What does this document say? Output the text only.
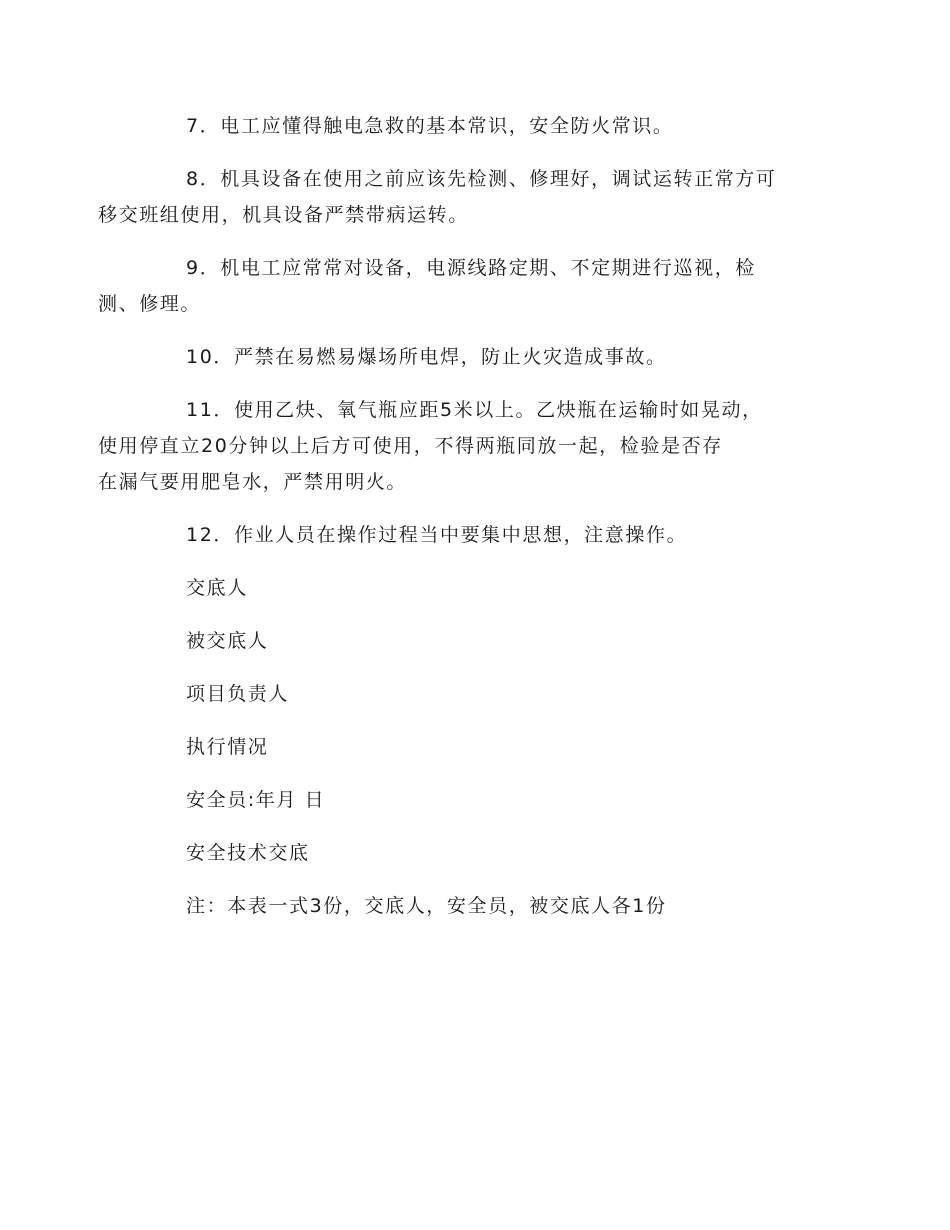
7．电工应懂得触电急救的基本常识，安全防火常识。

8．机具设备在使用之前应该先检测、修理好，调试运转正常方可
移交班组使用，机具设备严禁带病运转。

9．机电工应常常对设备，电源线路定期、不定期进行巡视，检
测、修理。

10．严禁在易燃易爆场所电焊，防止火灾造成事故。

11．使用乙炔、氧气瓶应距5米以上。乙炔瓶在运输时如晃动，
使用停直立20分钟以上后方可使用，不得两瓶同放一起，检验是否存
在漏气要用肥皂水，严禁用明火。

12．作业人员在操作过程当中要集中思想，注意操作。

交底人

被交底人

项目负责人

执行情况

安全员:年月 日

安全技术交底

注：本表一式3份，交底人，安全员，被交底人各1份
